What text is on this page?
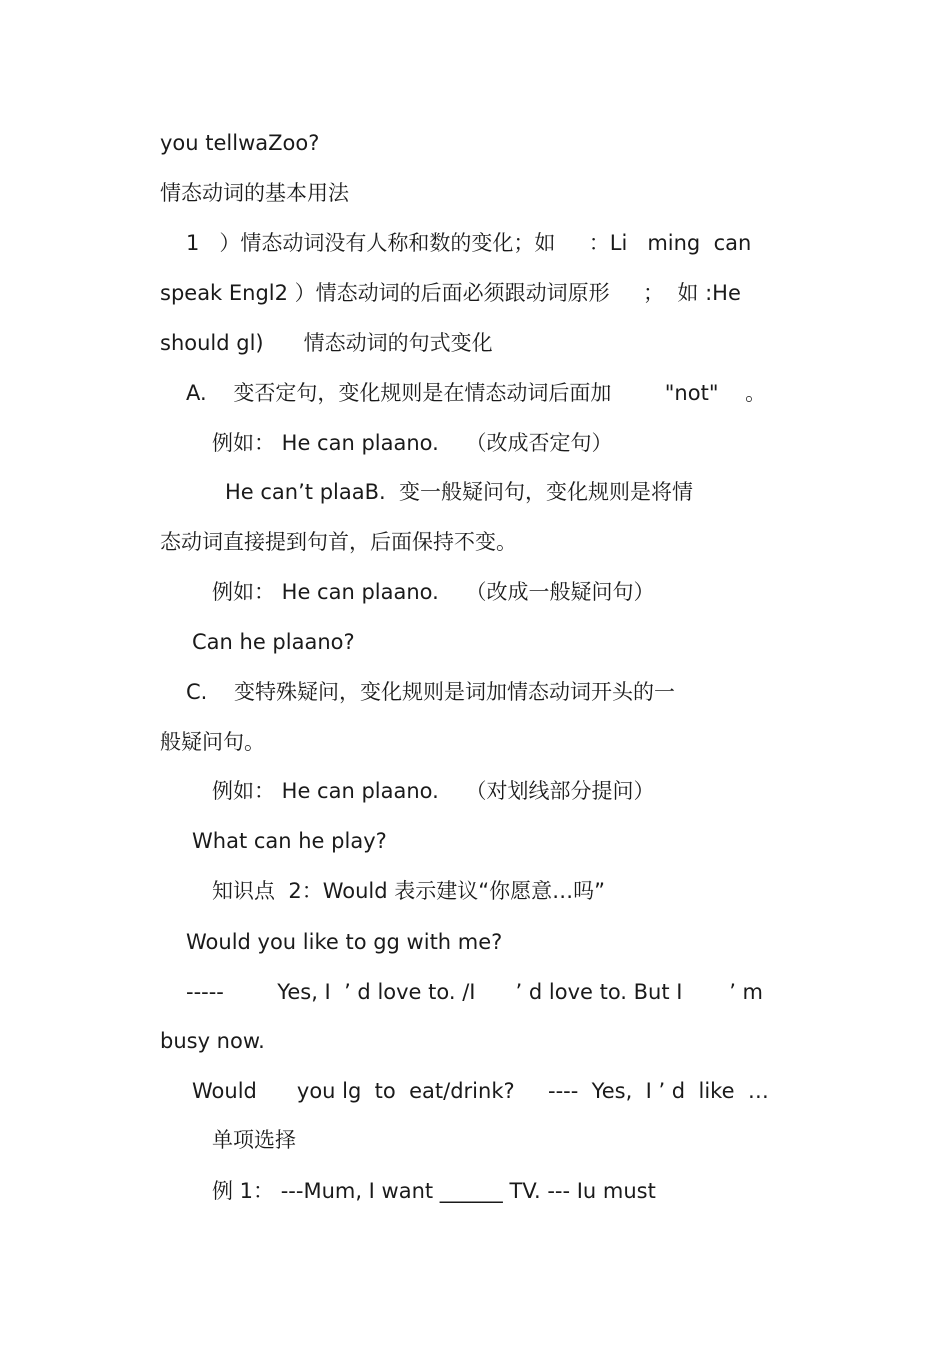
you tellwaZoo?
情态动词的基本用法
1   ）情态动词没有人称和数的变化；如     ：Li   ming  can
speak Engl2 ）情态动词的后面必须跟动词原形     ；  如 :He
should gl)      情态动词的句式变化
A.    变否定句，变化规则是在情态动词后面加        "not"    。
例如： He can plaano.    （改成否定句）
He can’t plaaB.  变一般疑问句，变化规则是将情
态动词直接提到句首，后面保持不变。
例如： He can plaano.    （改成一般疑问句）
Can he plaano?
C.    变特殊疑问，变化规则是词加情态动词开头的一
般疑问句。
例如： He can plaano.    （对划线部分提问）
What can he play?
知识点  2：Would 表示建议“你愿意…吗”
Would you like to gg with me?
-----        Yes, I  ’ d love to. /I      ’ d love to. But I       ’ m
busy now.
Would      you lg  to  eat/drink?     ----  Yes,  I ’ d  like  …
单项选择
例 1： ---Mum, I want ______ TV. --- Iu must
